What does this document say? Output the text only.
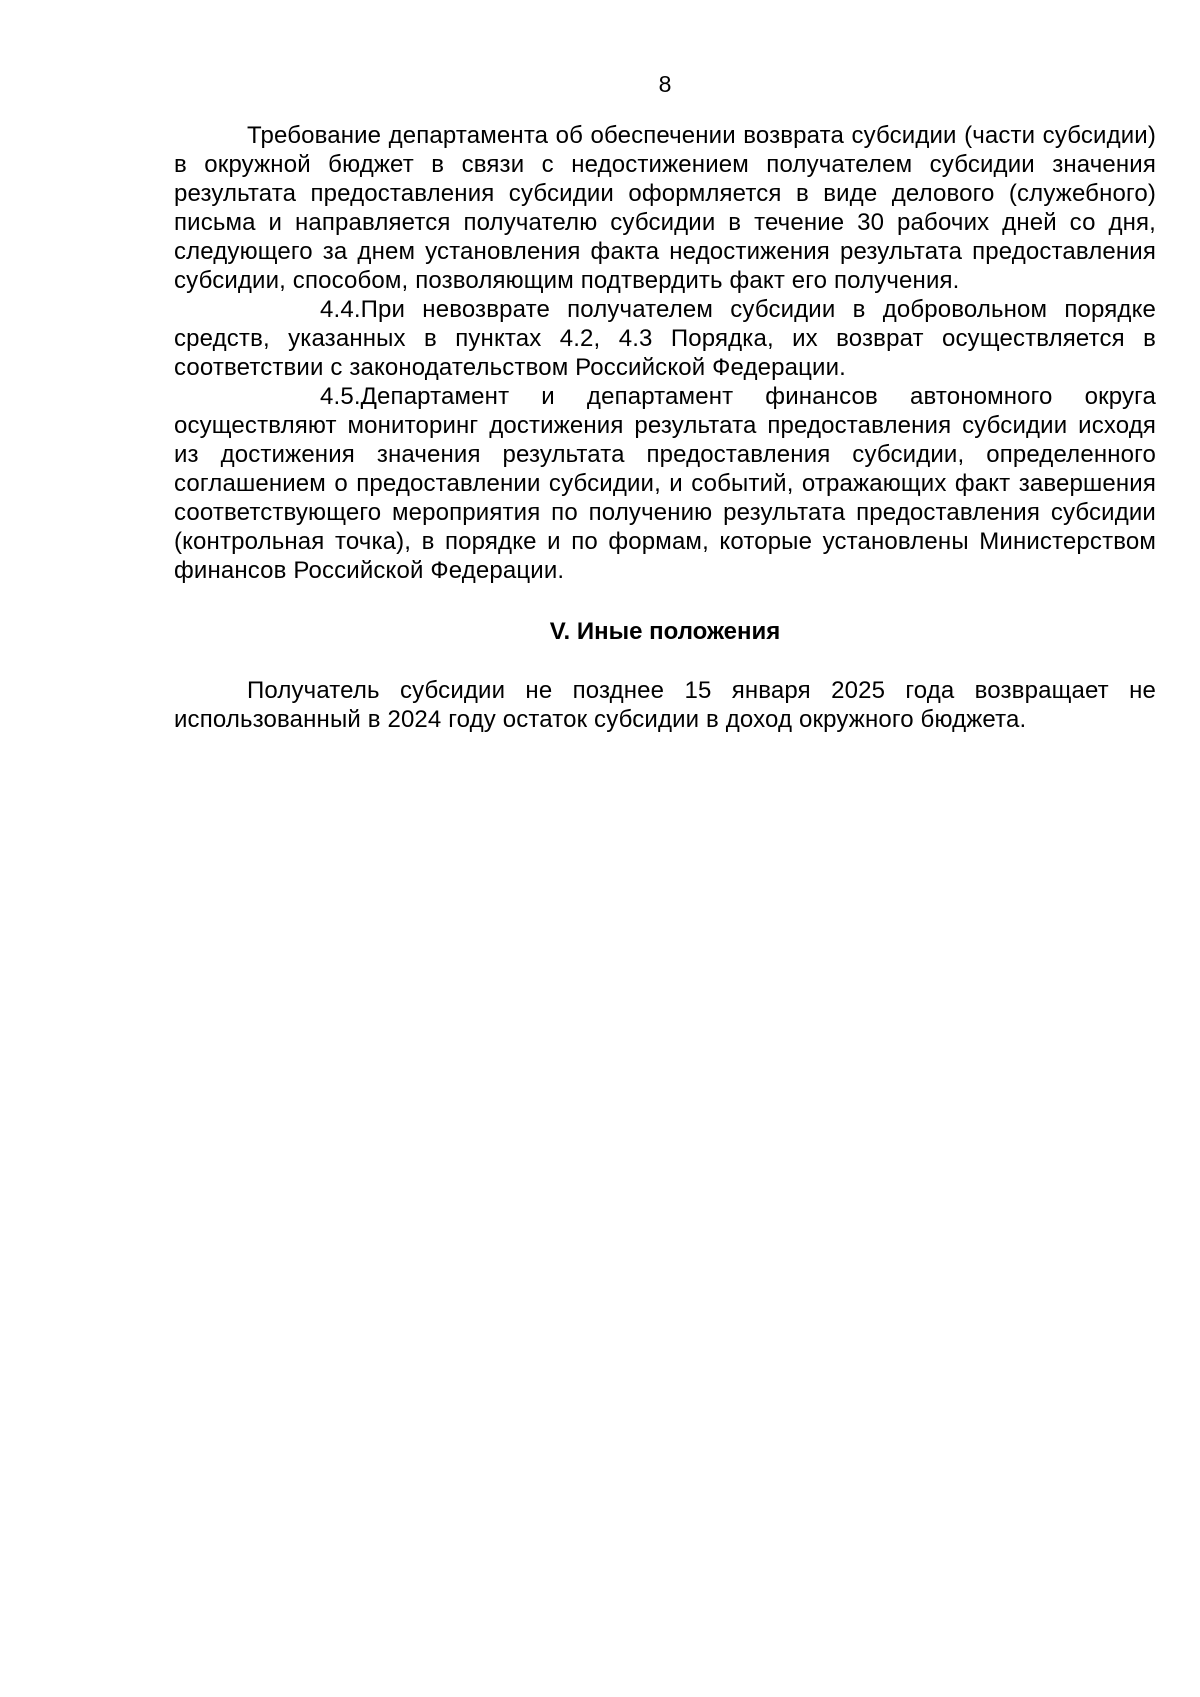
8

Требование департамента об обеспечении возврата субсидии (части субсидии) в окружной бюджет в связи с недостижением получателем субсидии значения результата предоставления субсидии оформляется в виде делового (служебного) письма и направляется получателю субсидии в течение 30 рабочих дней со дня, следующего за днем установления факта недостижения результата предоставления субсидии, способом, позволяющим подтвердить факт его получения.

4.4.При невозврате получателем субсидии в добровольном порядке средств, указанных в пунктах 4.2, 4.3 Порядка, их возврат осуществляется в соответствии с законодательством Российской Федерации.

4.5.Департамент и департамент финансов автономного округа осуществляют мониторинг достижения результата предоставления субсидии исходя из достижения значения результата предоставления субсидии, определенного соглашением о предоставлении субсидии, и событий, отражающих факт завершения соответствующего мероприятия по получению результата предоставления субсидии (контрольная точка), в порядке и по формам, которые установлены Министерством финансов Российской Федерации.

V. Иные положения

Получатель субсидии не позднее 15 января 2025 года возвращает не использованный в 2024 году остаток субсидии в доход окружного бюджета.
